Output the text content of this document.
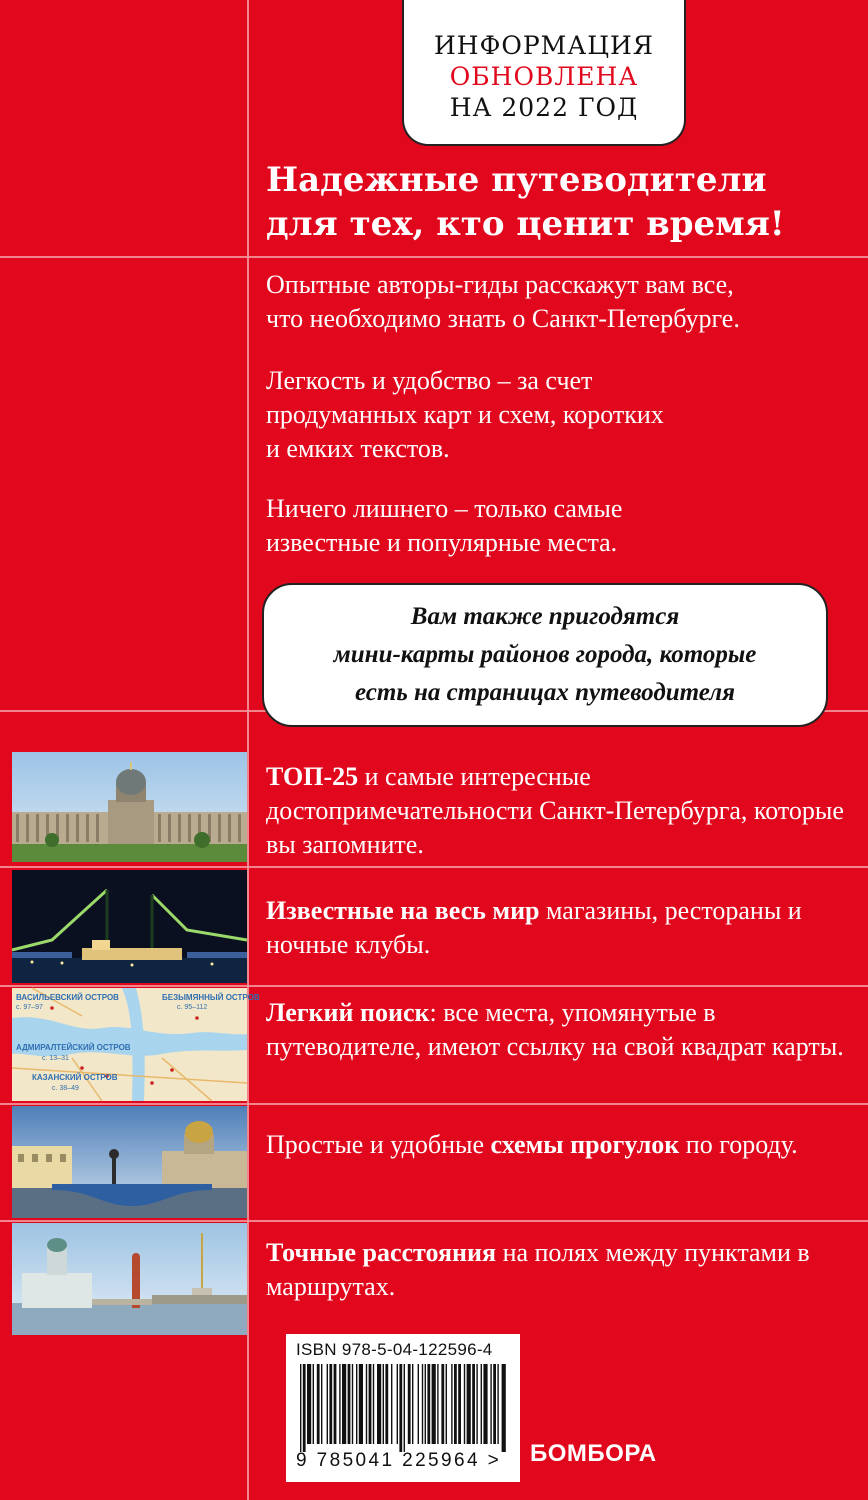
ИНФОРМАЦИЯ
ОБНОВЛЕНА
НА 2022 ГОД
Надежные путеводители
для тех, кто ценит время!
Опытные авторы-гиды расскажут вам все,
что необходимо знать о Санкт-Петербурге.
Легкость и удобство – за счет
продуманных карт и схем, коротких
и емких текстов.
Ничего лишнего – только самые
известные и популярные места.
Вам также пригодятся
мини-карты районов города, которые
есть на страницах путеводителя
ВАСИЛЬЕВСКИЙ ОСТРОВ
с. 97–97
БЕЗЫМЯННЫЙ ОСТРОВ
с. 95–112
АДМИРАЛТЕЙСКИЙ ОСТРОВ
с. 13–31
КАЗАНСКИЙ ОСТРОВ
с. 38–49
ТОП-25 и самые интересные достопримечательности Санкт-Петербурга, которые вы запомните.
Известные на весь мир магазины, рестораны и ночные клубы.
Легкий поиск: все места, упомянутые в путеводителе, имеют ссылку на свой квадрат карты.
Простые и удобные схемы прогулок по городу.
Точные расстояния на полях между пунктами в маршрутах.
ISBN 978-5-04-122596-4
9 785041 225964 >	БОМБОРА
